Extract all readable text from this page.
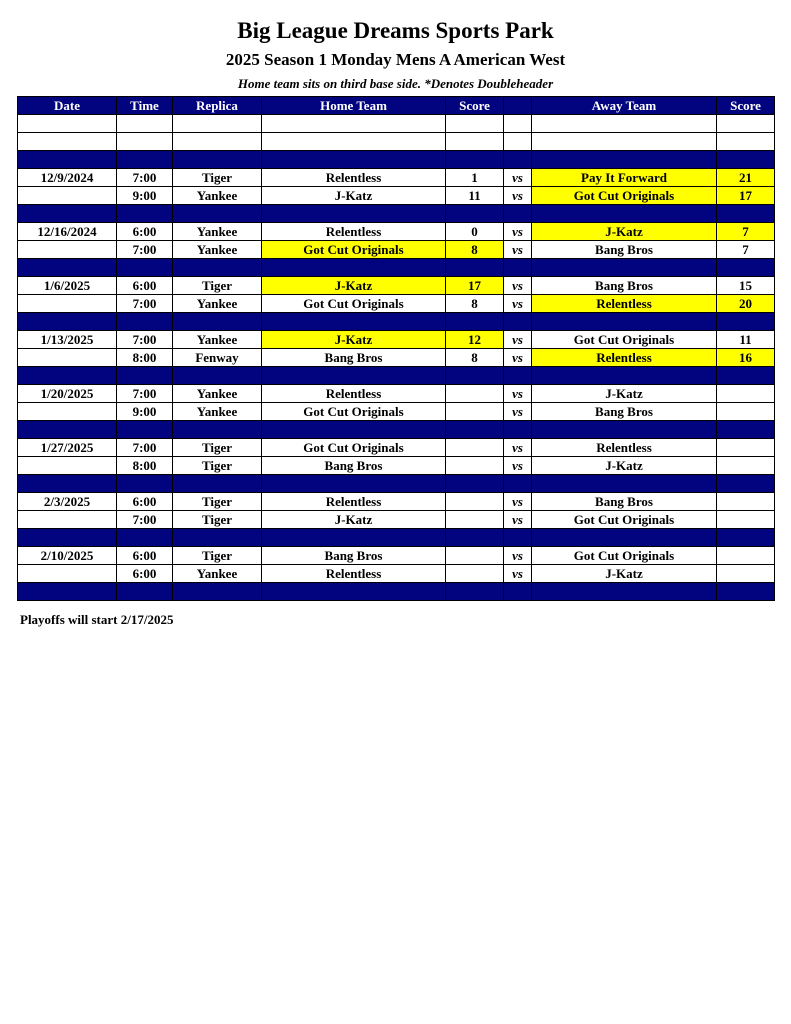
Big League Dreams Sports Park
2025 Season 1 Monday Mens A American West
Home team sits on third base side. *Denotes Doubleheader
Date	Time	Replica	Home Team	Score		Away Team	Score

12/9/2024	7:00	Tiger	Relentless	1	vs	Pay It Forward	21
	9:00	Yankee	J-Katz	11	vs	Got Cut Originals	17

12/16/2024	6:00	Yankee	Relentless	0	vs	J-Katz	7
	7:00	Yankee	Got Cut Originals	8	vs	Bang Bros	7

1/6/2025	6:00	Tiger	J-Katz	17	vs	Bang Bros	15
	7:00	Yankee	Got Cut Originals	8	vs	Relentless	20

1/13/2025	7:00	Yankee	J-Katz	12	vs	Got Cut Originals	11
	8:00	Fenway	Bang Bros	8	vs	Relentless	16

1/20/2025	7:00	Yankee	Relentless		vs	J-Katz	
	9:00	Yankee	Got Cut Originals		vs	Bang Bros	

1/27/2025	7:00	Tiger	Got Cut Originals		vs	Relentless	
	8:00	Tiger	Bang Bros		vs	J-Katz	

2/3/2025	6:00	Tiger	Relentless		vs	Bang Bros	
	7:00	Tiger	J-Katz		vs	Got Cut Originals	

2/10/2025	6:00	Tiger	Bang Bros		vs	Got Cut Originals	
	6:00	Yankee	Relentless		vs	J-Katz	

Playoffs will start 2/17/2025
